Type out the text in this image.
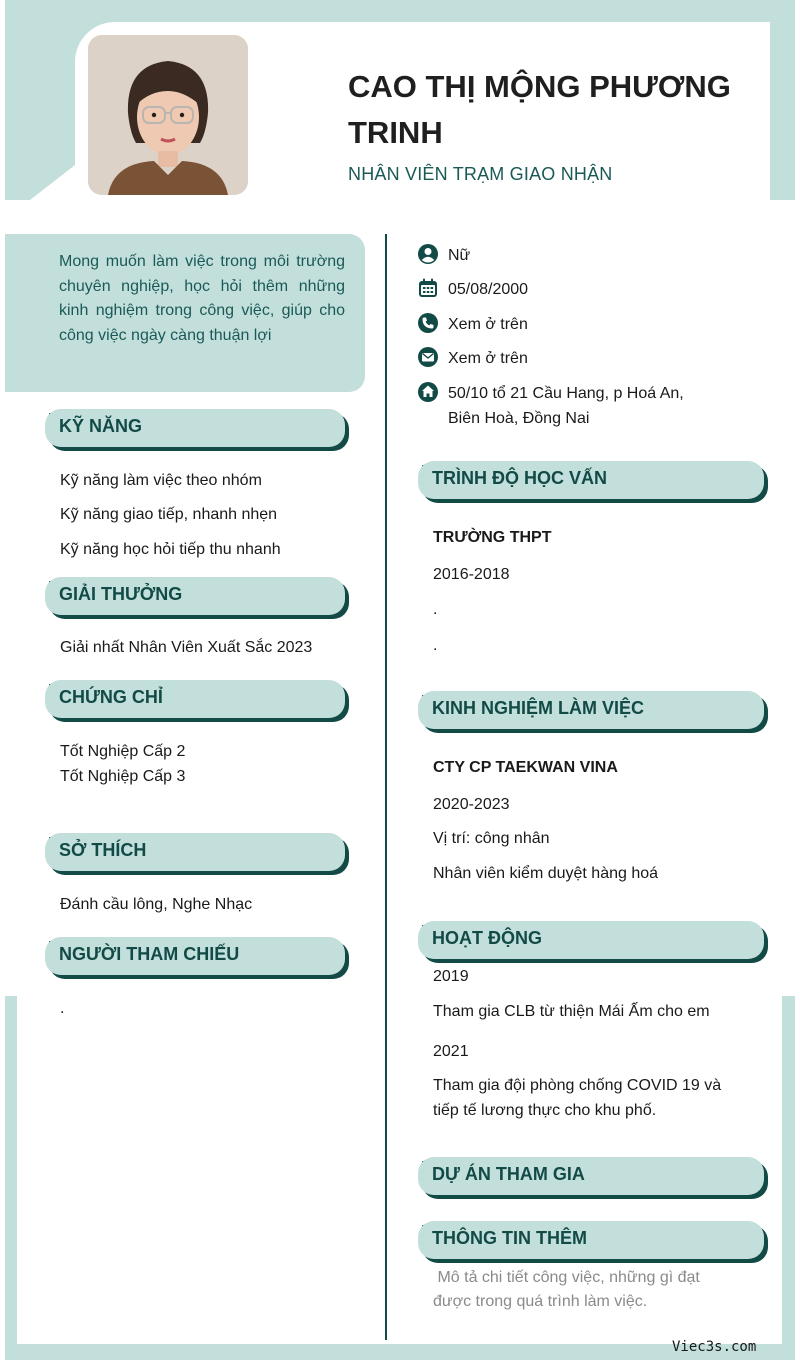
CAO THỊ MỘNG PHƯƠNG TRINH
NHÂN VIÊN TRẠM GIAO NHẬN
Mong muốn làm việc trong môi trường chuyên nghiệp, học hỏi thêm những kinh nghiệm trong công việc, giúp cho công việc ngày càng thuận lợi
Nữ
05/08/2000
Xem ở trên
Xem ở trên
50/10 tổ 21 Cầu Hang, p Hoá An,
Biên Hoà, Đồng Nai
KỸ NĂNG
Kỹ năng làm việc theo nhóm
Kỹ năng giao tiếp, nhanh nhẹn
Kỹ năng học hỏi tiếp thu nhanh
GIẢI THƯỞNG
Giải nhất Nhân Viên Xuất Sắc 2023
CHỨNG CHỈ
Tốt Nghiệp Cấp 2
Tốt Nghiệp Cấp 3
SỞ THÍCH
Đánh cầu lông, Nghe Nhạc
NGƯỜI THAM CHIẾU
.
TRÌNH ĐỘ HỌC VẤN
TRƯỜNG THPT
2016-2018
.
.
KINH NGHIỆM LÀM VIỆC
CTY CP TAEKWAN VINA
2020-2023
Vị trí: công nhân
Nhân viên kiểm duyệt hàng hoá
HOẠT ĐỘNG
2019
Tham gia CLB từ thiện Mái Ấm cho em
2021
Tham gia đội phòng chống COVID 19 và
tiếp tế lương thực cho khu phố.
DỰ ÁN THAM GIA
THÔNG TIN THÊM
Mô tả chi tiết công việc, những gì đạt
được trong quá trình làm việc.
Viec3s.com
